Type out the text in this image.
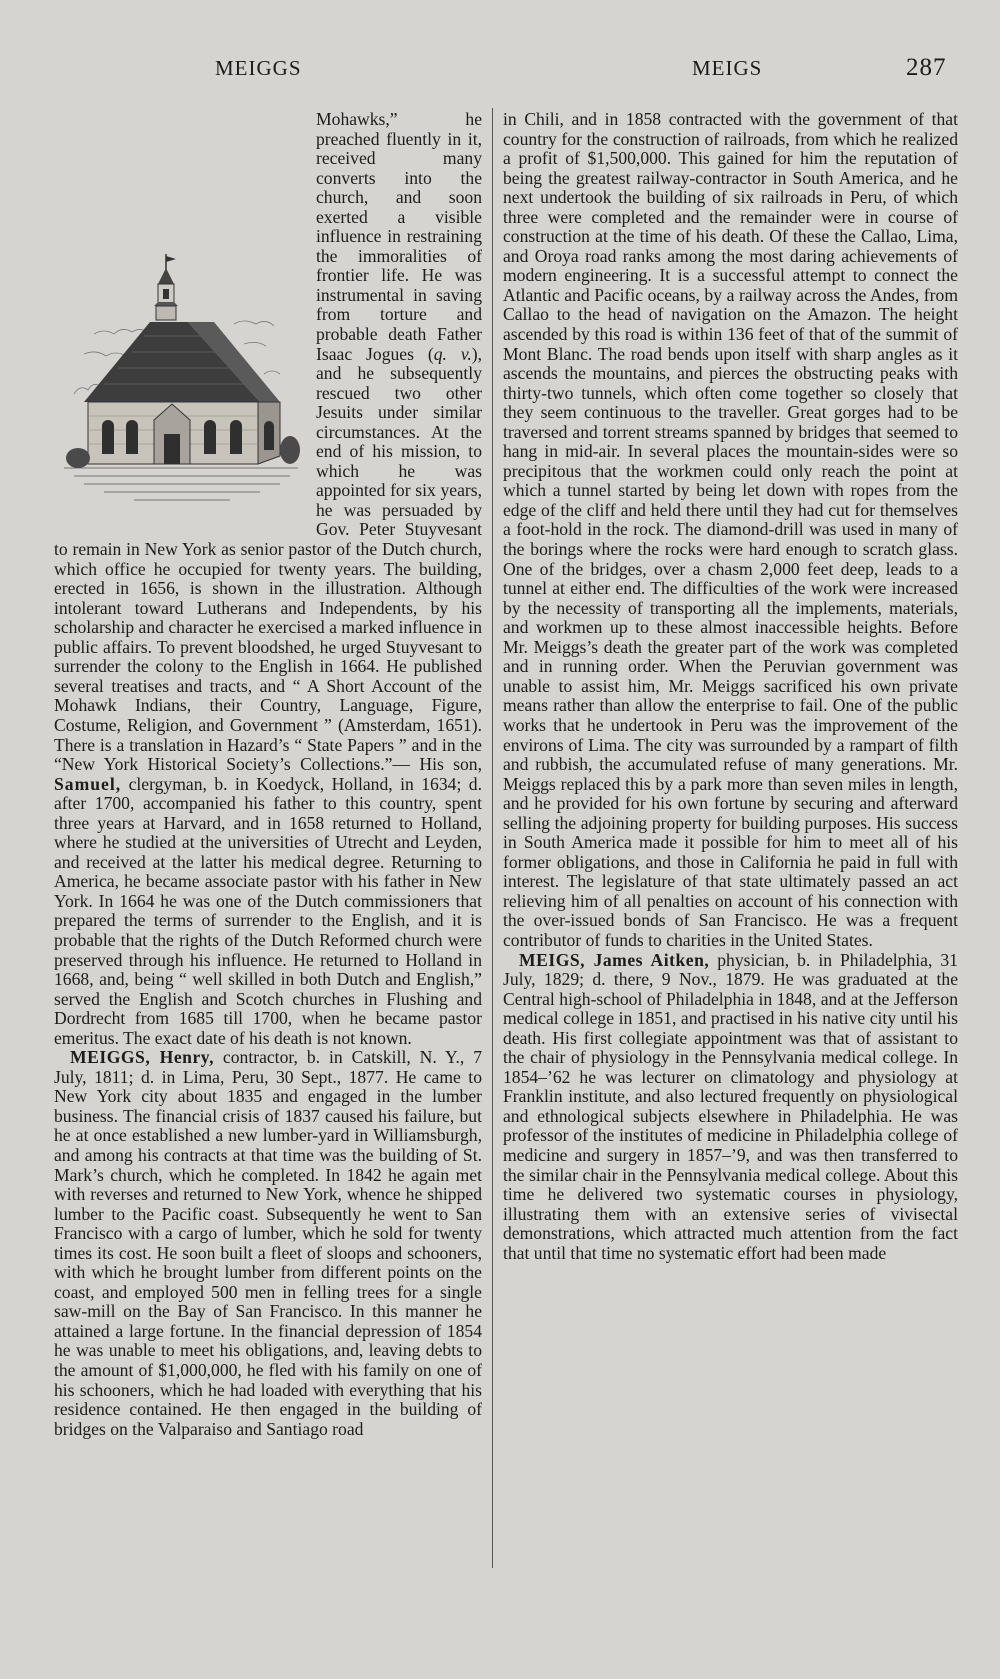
MEIGGS	MEIGS	287

Mohawks,” he preached fluently in it, received many converts into the church, and soon exerted a visible influence in restraining the immoralities of frontier life. He was instrumental in saving from torture and probable death Father Isaac Jogues (q. v.), and he subsequently rescued two other Jesuits under similar circumstances. At the end of his mission, to which he was appointed for six years, he was persuaded by Gov. Peter Stuyvesant to remain in New York as senior pastor of the Dutch church, which office he occupied for twenty years. The building, erected in 1656, is shown in the illustration. Although intolerant toward Lutherans and Independents, by his scholarship and character he exercised a marked influence in public affairs. To prevent bloodshed, he urged Stuyvesant to surrender the colony to the English in 1664. He published several treatises and tracts, and “ A Short Account of the Mohawk Indians, their Country, Language, Figure, Costume, Religion, and Government ” (Amsterdam, 1651). There is a translation in Hazard’s “ State Papers ” and in the “New York Historical Society’s Collections.”— His son, Samuel, clergyman, b. in Koedyck, Holland, in 1634; d. after 1700, accompanied his father to this country, spent three years at Harvard, and in 1658 returned to Holland, where he studied at the universities of Utrecht and Leyden, and received at the latter his medical degree. Returning to America, he became associate pastor with his father in New York. In 1664 he was one of the Dutch commissioners that prepared the terms of surrender to the English, and it is probable that the rights of the Dutch Reformed church were preserved through his influence. He returned to Holland in 1668, and, being “ well skilled in both Dutch and English,” served the English and Scotch churches in Flushing and Dordrecht from 1685 till 1700, when he became pastor emeritus. The exact date of his death is not known.

MEIGGS, Henry, contractor, b. in Catskill, N. Y., 7 July, 1811; d. in Lima, Peru, 30 Sept., 1877. He came to New York city about 1835 and engaged in the lumber business. The financial crisis of 1837 caused his failure, but he at once established a new lumber-yard in Williamsburgh, and among his contracts at that time was the building of St. Mark’s church, which he completed. In 1842 he again met with reverses and returned to New York, whence he shipped lumber to the Pacific coast. Subsequently he went to San Francisco with a cargo of lumber, which he sold for twenty times its cost. He soon built a fleet of sloops and schooners, with which he brought lumber from different points on the coast, and employed 500 men in felling trees for a single saw-mill on the Bay of San Francisco. In this manner he attained a large fortune. In the financial depression of 1854 he was unable to meet his obligations, and, leaving debts to the amount of $1,000,000, he fled with his family on one of his schooners, which he had loaded with everything that his residence contained. He then engaged in the building of bridges on the Valparaiso and Santiago road

in Chili, and in 1858 contracted with the government of that country for the construction of railroads, from which he realized a profit of $1,500,000. This gained for him the reputation of being the greatest railway-contractor in South America, and he next undertook the building of six railroads in Peru, of which three were completed and the remainder were in course of construction at the time of his death. Of these the Callao, Lima, and Oroya road ranks among the most daring achievements of modern engineering. It is a successful attempt to connect the Atlantic and Pacific oceans, by a railway across the Andes, from Callao to the head of navigation on the Amazon. The height ascended by this road is within 136 feet of that of the summit of Mont Blanc. The road bends upon itself with sharp angles as it ascends the mountains, and pierces the obstructing peaks with thirty-two tunnels, which often come together so closely that they seem continuous to the traveller. Great gorges had to be traversed and torrent streams spanned by bridges that seemed to hang in mid-air. In several places the mountain-sides were so precipitous that the workmen could only reach the point at which a tunnel started by being let down with ropes from the edge of the cliff and held there until they had cut for themselves a foot-hold in the rock. The diamond-drill was used in many of the borings where the rocks were hard enough to scratch glass. One of the bridges, over a chasm 2,000 feet deep, leads to a tunnel at either end. The difficulties of the work were increased by the necessity of transporting all the implements, materials, and workmen up to these almost inaccessible heights. Before Mr. Meiggs’s death the greater part of the work was completed and in running order. When the Peruvian government was unable to assist him, Mr. Meiggs sacrificed his own private means rather than allow the enterprise to fail. One of the public works that he undertook in Peru was the improvement of the environs of Lima. The city was surrounded by a rampart of filth and rubbish, the accumulated refuse of many generations. Mr. Meiggs replaced this by a park more than seven miles in length, and he provided for his own fortune by securing and afterward selling the adjoining property for building purposes. His success in South America made it possible for him to meet all of his former obligations, and those in California he paid in full with interest. The legislature of that state ultimately passed an act relieving him of all penalties on account of his connection with the over-issued bonds of San Francisco. He was a frequent contributor of funds to charities in the United States.

MEIGS, James Aitken, physician, b. in Philadelphia, 31 July, 1829; d. there, 9 Nov., 1879. He was graduated at the Central high-school of Philadelphia in 1848, and at the Jefferson medical college in 1851, and practised in his native city until his death. His first collegiate appointment was that of assistant to the chair of physiology in the Pennsylvania medical college. In 1854–’62 he was lecturer on climatology and physiology at Franklin institute, and also lectured frequently on physiological and ethnological subjects elsewhere in Philadelphia. He was professor of the institutes of medicine in Philadelphia college of medicine and surgery in 1857–’9, and was then transferred to the similar chair in the Pennsylvania medical college. About this time he delivered two systematic courses in physiology, illustrating them with an extensive series of vivisectal demonstrations, which attracted much attention from the fact that until that time no systematic effort had been made
